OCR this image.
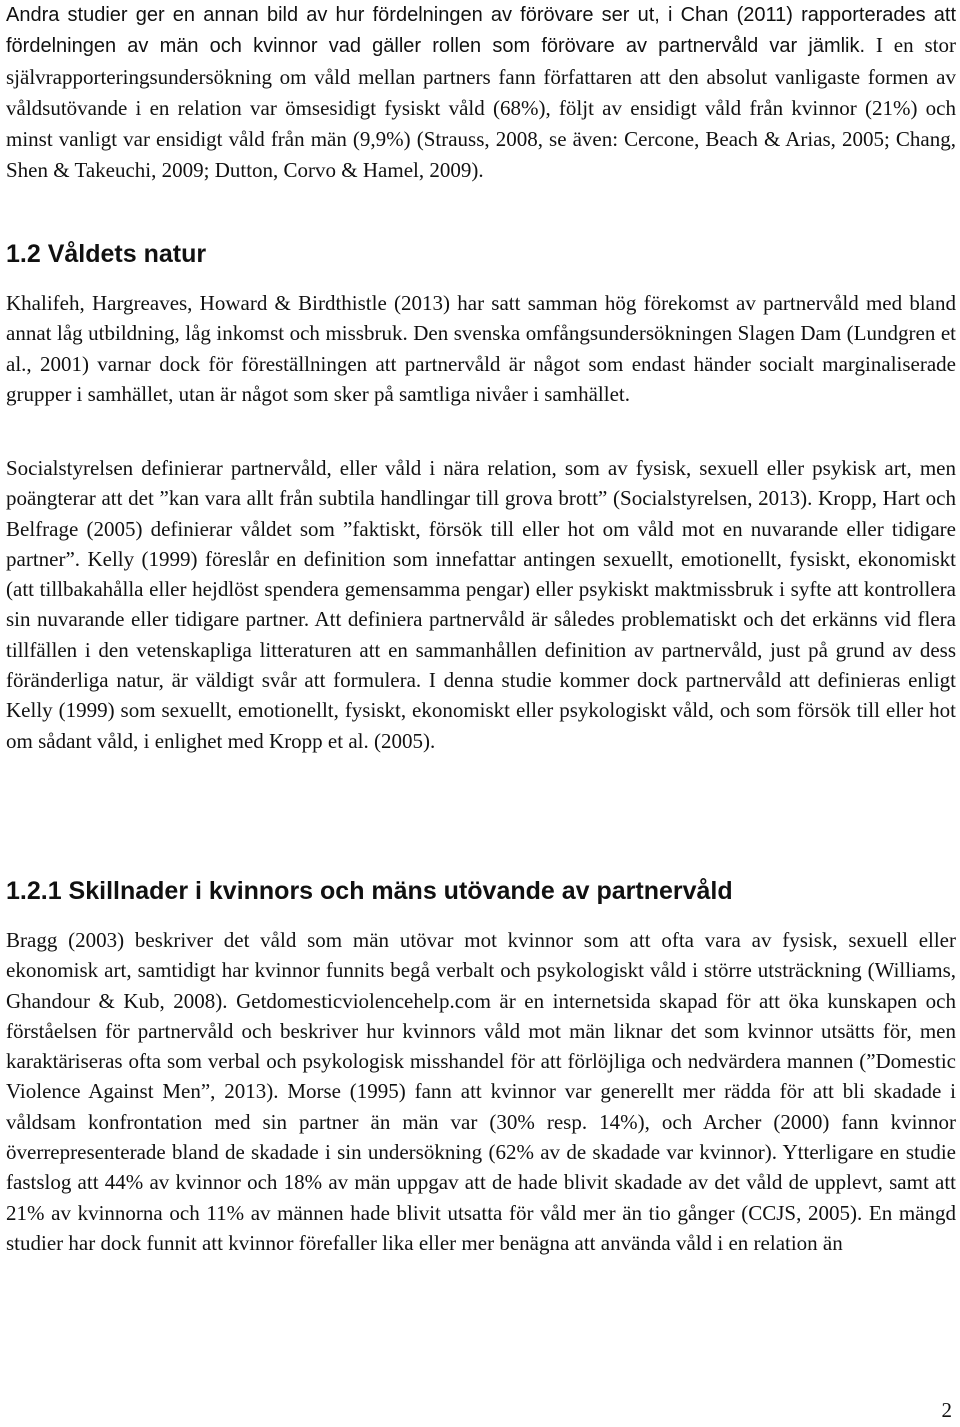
Andra studier ger en annan bild av hur fördelningen av förövare ser ut, i Chan (2011) rapporterades att fördelningen av män och kvinnor vad gäller rollen som förövare av partnervåld var jämlik. I en stor självrapporteringsundersökning om våld mellan partners fann författaren att den absolut vanligaste formen av våldsutövande i en relation var ömsesidigt fysiskt våld (68%), följt av ensidigt våld från kvinnor (21%) och minst vanligt var ensidigt våld från män (9,9%) (Strauss, 2008, se även: Cercone, Beach & Arias, 2005; Chang, Shen & Takeuchi, 2009; Dutton, Corvo & Hamel, 2009).

1.2 Våldets natur

Khalifeh, Hargreaves, Howard & Birdthistle (2013) har satt samman hög förekomst av partnervåld med bland annat låg utbildning, låg inkomst och missbruk. Den svenska omfångsundersökningen Slagen Dam (Lundgren et al., 2001) varnar dock för föreställningen att partnervåld är något som endast händer socialt marginaliserade grupper i samhället, utan är något som sker på samtliga nivåer i samhället.

Socialstyrelsen definierar partnervåld, eller våld i nära relation, som av fysisk, sexuell eller psykisk art, men poängterar att det ”kan vara allt från subtila handlingar till grova brott” (Socialstyrelsen, 2013). Kropp, Hart och Belfrage (2005) definierar våldet som ”faktiskt, försök till eller hot om våld mot en nuvarande eller tidigare partner”. Kelly (1999) föreslår en definition som innefattar antingen sexuellt, emotionellt, fysiskt, ekonomiskt (att tillbakahålla eller hejdlöst spendera gemensamma pengar) eller psykiskt maktmissbruk i syfte att kontrollera sin nuvarande eller tidigare partner. Att definiera partnervåld är således problematiskt och det erkänns vid flera tillfällen i den vetenskapliga litteraturen att en sammanhållen definition av partnervåld, just på grund av dess föränderliga natur, är väldigt svår att formulera. I denna studie kommer dock partnervåld att definieras enligt Kelly (1999) som sexuellt, emotionellt, fysiskt, ekonomiskt eller psykologiskt våld, och som försök till eller hot om sådant våld, i enlighet med Kropp et al. (2005).

1.2.1 Skillnader i kvinnors och mäns utövande av partnervåld

Bragg (2003) beskriver det våld som män utövar mot kvinnor som att ofta vara av fysisk, sexuell eller ekonomisk art, samtidigt har kvinnor funnits begå verbalt och psykologiskt våld i större utsträckning (Williams, Ghandour & Kub, 2008). Getdomesticviolencehelp.com är en internetsida skapad för att öka kunskapen och förståelsen för partnervåld och beskriver hur kvinnors våld mot män liknar det som kvinnor utsätts för, men karaktäriseras ofta som verbal och psykologisk misshandel för att förlöjliga och nedvärdera mannen (”Domestic Violence Against Men”, 2013). Morse (1995) fann att kvinnor var generellt mer rädda för att bli skadade i våldsam konfrontation med sin partner än män var (30% resp. 14%), och Archer (2000) fann kvinnor överrepresenterade bland de skadade i sin undersökning (62% av de skadade var kvinnor). Ytterligare en studie fastslog att 44% av kvinnor och 18% av män uppgav att de hade blivit skadade av det våld de upplevt, samt att 21% av kvinnorna och 11% av männen hade blivit utsatta för våld mer än tio gånger (CCJS, 2005). En mängd studier har dock funnit att kvinnor förefaller lika eller mer benägna att använda våld i en relation än

2
